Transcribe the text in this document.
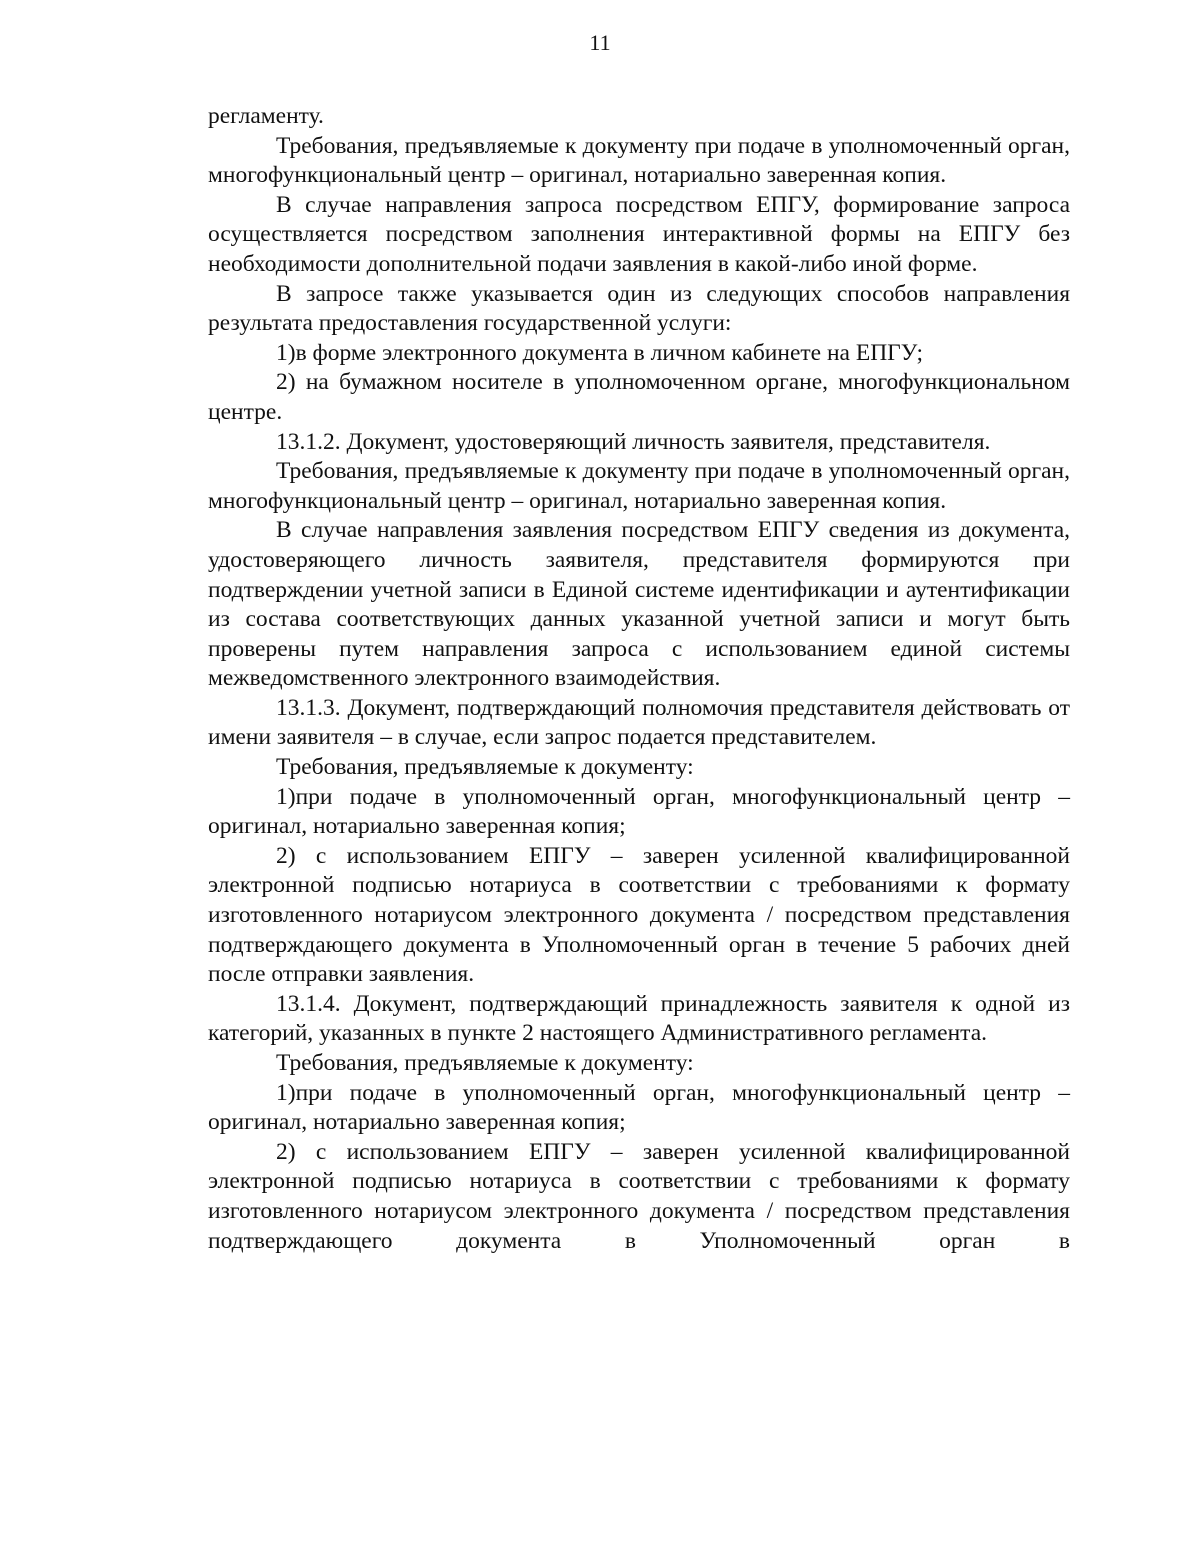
11

регламенту.

Требования, предъявляемые к документу при подаче в уполномоченный орган, многофункциональный центр – оригинал, нотариально заверенная копия.

В случае направления запроса посредством ЕПГУ, формирование запроса осуществляется посредством заполнения интерактивной формы на ЕПГУ без необходимости дополнительной подачи заявления в какой-либо иной форме.

В запросе также указывается один из следующих способов направления результата предоставления государственной услуги:

1)в форме электронного документа в личном кабинете на ЕПГУ;

2) на бумажном носителе в уполномоченном органе, многофункциональном центре.

13.1.2. Документ, удостоверяющий личность заявителя, представителя.

Требования, предъявляемые к документу при подаче в уполномоченный орган, многофункциональный центр – оригинал, нотариально заверенная копия.

В случае направления заявления посредством ЕПГУ сведения из документа, удостоверяющего личность заявителя, представителя формируются при подтверждении учетной записи в Единой системе идентификации и аутентификации из состава соответствующих данных указанной учетной записи и могут быть проверены путем направления запроса с использованием единой системы межведомственного электронного взаимодействия.

13.1.3. Документ, подтверждающий полномочия представителя действовать от имени заявителя – в случае, если запрос подается представителем.

Требования, предъявляемые к документу:

1)при подаче в уполномоченный орган, многофункциональный центр – оригинал, нотариально заверенная копия;

2) с использованием ЕПГУ – заверен усиленной квалифицированной электронной подписью нотариуса в соответствии с требованиями к формату изготовленного нотариусом электронного документа / посредством представления подтверждающего документа в Уполномоченный орган в течение 5 рабочих дней после отправки заявления.

13.1.4. Документ, подтверждающий принадлежность заявителя к одной из категорий, указанных в пункте 2 настоящего Административного регламента.

Требования, предъявляемые к документу:

1)при подаче в уполномоченный орган, многофункциональный центр – оригинал, нотариально заверенная копия;

2) с использованием ЕПГУ – заверен усиленной квалифицированной электронной подписью нотариуса в соответствии с требованиями к формату изготовленного нотариусом электронного документа / посредством представления подтверждающего документа в Уполномоченный орган в
